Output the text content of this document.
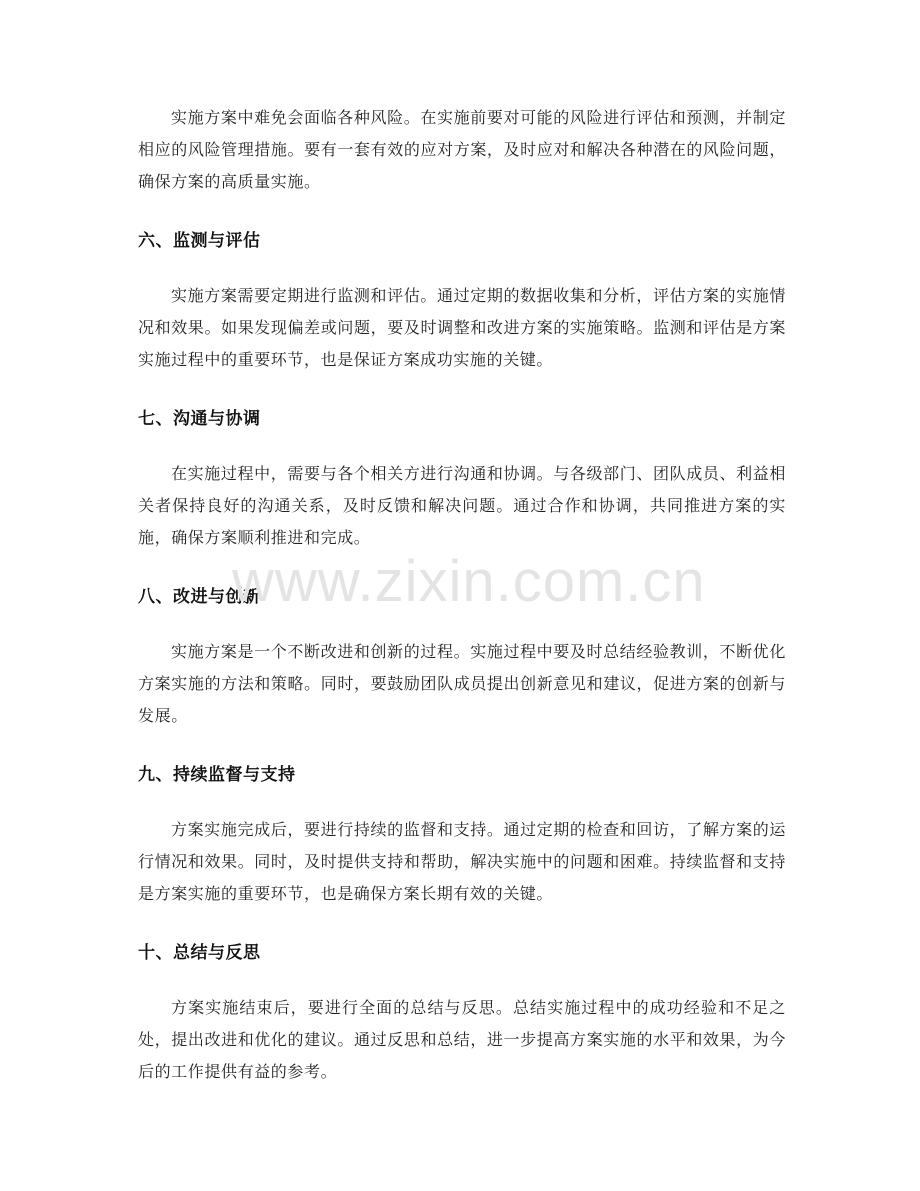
实施方案中难免会面临各种风险。在实施前要对可能的风险进行评估和预测，并制定相应的风险管理措施。要有一套有效的应对方案，及时应对和解决各种潜在的风险问题，确保方案的高质量实施。

六、监测与评估

实施方案需要定期进行监测和评估。通过定期的数据收集和分析，评估方案的实施情况和效果。如果发现偏差或问题，要及时调整和改进方案的实施策略。监测和评估是方案实施过程中的重要环节，也是保证方案成功实施的关键。

七、沟通与协调

在实施过程中，需要与各个相关方进行沟通和协调。与各级部门、团队成员、利益相关者保持良好的沟通关系，及时反馈和解决问题。通过合作和协调，共同推进方案的实施，确保方案顺利推进和完成。

八、改进与创新

实施方案是一个不断改进和创新的过程。实施过程中要及时总结经验教训，不断优化方案实施的方法和策略。同时，要鼓励团队成员提出创新意见和建议，促进方案的创新与发展。

九、持续监督与支持

方案实施完成后，要进行持续的监督和支持。通过定期的检查和回访，了解方案的运行情况和效果。同时，及时提供支持和帮助，解决实施中的问题和困难。持续监督和支持是方案实施的重要环节，也是确保方案长期有效的关键。

十、总结与反思

方案实施结束后，要进行全面的总结与反思。总结实施过程中的成功经验和不足之处，提出改进和优化的建议。通过反思和总结，进一步提高方案实施的水平和效果，为今后的工作提供有益的参考。

www.zixin.com.cn
